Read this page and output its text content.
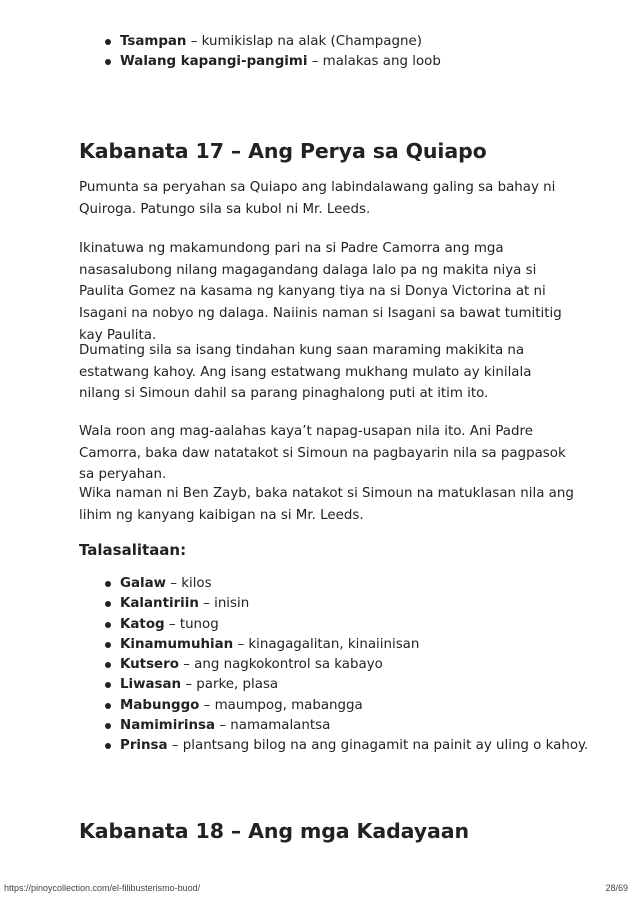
Tsampan – kumikislap na alak (Champagne)
Walang kapangi-pangimi – malakas ang loob
Kabanata 17 – Ang Perya sa Quiapo

Pumunta sa peryahan sa Quiapo ang labindalawang galing sa bahay ni Quiroga. Patungo sila sa kubol ni Mr. Leeds.

Ikinatuwa ng makamundong pari na si Padre Camorra ang mga nasasalubong nilang magagandang dalaga lalo pa ng makita niya si Paulita Gomez na kasama ng kanyang tiya na si Donya Victorina at ni Isagani na nobyo ng dalaga. Naiinis naman si Isagani sa bawat tumititig kay Paulita.

Dumating sila sa isang tindahan kung saan maraming makikita na estatwang kahoy. Ang isang estatwang mukhang mulato ay kinilala nilang si Simoun dahil sa parang pinaghalong puti at itim ito.

Wala roon ang mag-aalahas kaya’t napag-usapan nila ito. Ani Padre Camorra, baka daw natatakot si Simoun na pagbayarin nila sa pagpasok sa peryahan.

Wika naman ni Ben Zayb, baka natakot si Simoun na matuklasan nila ang lihim ng kanyang kaibigan na si Mr. Leeds.

Talasalitaan:
Galaw – kilos
Kalantiriin – inisin
Katog – tunog
Kinamumuhian – kinagagalitan, kinaiinisan
Kutsero – ang nagkokontrol sa kabayo
Liwasan – parke, plasa
Mabunggo – maumpog, mabangga
Namimirinsa – namamalantsa
Prinsa – plantsang bilog na ang ginagamit na painit ay uling o kahoy.
Kabanata 18 – Ang mga Kadayaan
https://pinoycollection.com/el-filibusterismo-buod/	28/69
